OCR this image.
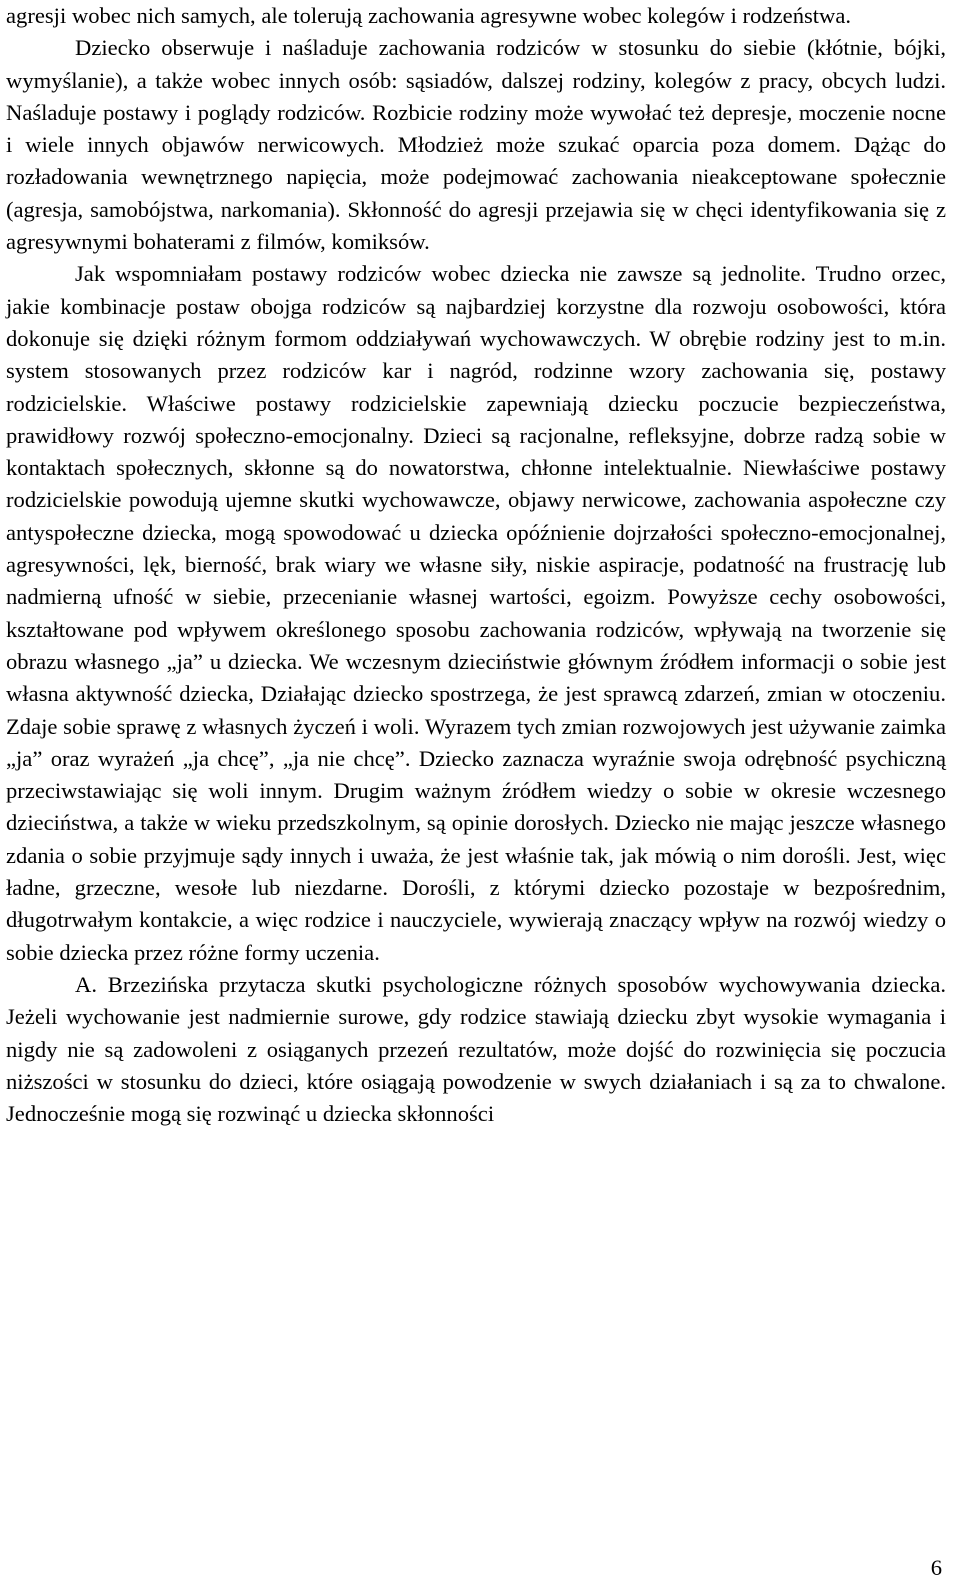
agresji wobec nich samych, ale tolerują zachowania agresywne wobec kolegów i rodzeństwa.

Dziecko obserwuje i naśladuje zachowania rodziców w stosunku do siebie (kłótnie, bójki, wymyślanie), a także wobec innych osób: sąsiadów, dalszej rodziny, kolegów z pracy, obcych ludzi. Naśladuje postawy i poglądy rodziców. Rozbicie rodziny może wywołać też depresje, moczenie nocne i wiele innych objawów nerwicowych. Młodzież może szukać oparcia poza domem. Dążąc do rozładowania wewnętrznego napięcia, może podejmować zachowania nieakceptowane społecznie (agresja, samobójstwa, narkomania). Skłonność do agresji przejawia się w chęci identyfikowania się z agresywnymi bohaterami z filmów, komiksów.

Jak wspomniałam postawy rodziców wobec dziecka nie zawsze są jednolite. Trudno orzec, jakie kombinacje postaw obojga rodziców są najbardziej korzystne dla rozwoju osobowości, która dokonuje się dzięki różnym formom oddziaływań wychowawczych. W obrębie rodziny jest to m.in. system stosowanych przez rodziców kar i nagród, rodzinne wzory zachowania się, postawy rodzicielskie. Właściwe postawy rodzicielskie zapewniają dziecku poczucie bezpieczeństwa, prawidłowy rozwój społeczno-emocjonalny. Dzieci są racjonalne, refleksyjne, dobrze radzą sobie w kontaktach społecznych, skłonne są do nowatorstwa, chłonne intelektualnie. Niewłaściwe postawy rodzicielskie powodują ujemne skutki wychowawcze, objawy nerwicowe, zachowania aspołeczne czy antyspołeczne dziecka, mogą spowodować u dziecka opóźnienie dojrzałości społeczno-emocjonalnej, agresywności, lęk, bierność, brak wiary we własne siły, niskie aspiracje, podatność na frustrację lub nadmierną ufność w siebie, przecenianie własnej wartości, egoizm. Powyższe cechy osobowości, kształtowane pod wpływem określonego sposobu zachowania rodziców, wpływają na tworzenie się obrazu własnego „ja” u dziecka. We wczesnym dzieciństwie głównym źródłem informacji o sobie jest własna aktywność dziecka, Działając dziecko spostrzega, że jest sprawcą zdarzeń, zmian w otoczeniu. Zdaje sobie sprawę z własnych życzeń i woli. Wyrazem tych zmian rozwojowych jest używanie zaimka „ja” oraz wyrażeń „ja chcę”, „ja nie chcę”. Dziecko zaznacza wyraźnie swoja odrębność psychiczną przeciwstawiając się woli innym. Drugim ważnym źródłem wiedzy o sobie w okresie wczesnego dzieciństwa, a także w wieku przedszkolnym, są opinie dorosłych. Dziecko nie mając jeszcze własnego zdania o sobie przyjmuje sądy innych i uważa, że jest właśnie tak, jak mówią o nim dorośli. Jest, więc ładne, grzeczne, wesołe lub niezdarne. Dorośli, z którymi dziecko pozostaje w bezpośrednim, długotrwałym kontakcie, a więc rodzice i nauczyciele, wywierają znaczący wpływ na rozwój wiedzy o sobie dziecka przez różne formy uczenia.

A. Brzezińska przytacza skutki psychologiczne różnych sposobów wychowywania dziecka. Jeżeli wychowanie jest nadmiernie surowe, gdy rodzice stawiają dziecku zbyt wysokie wymagania i nigdy nie są zadowoleni z osiąganych przezeń rezultatów, może dojść do rozwinięcia się poczucia niższości w stosunku do dzieci, które osiągają powodzenie w swych działaniach i są za to chwalone. Jednocześnie mogą się rozwinąć u dziecka skłonności

6
